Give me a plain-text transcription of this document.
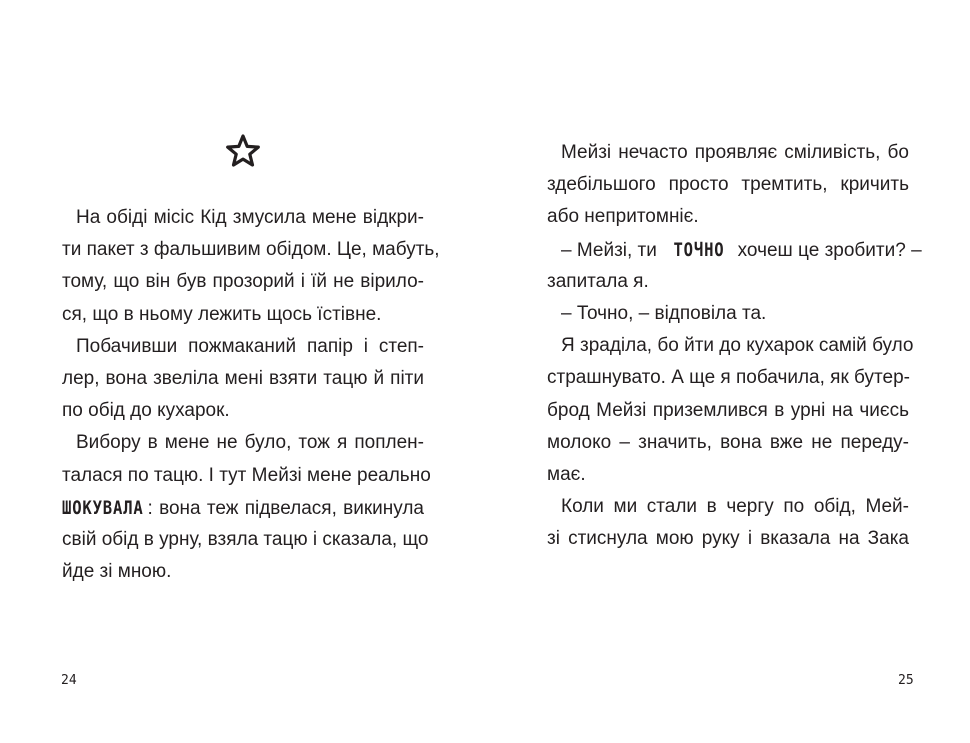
На обіді місіс Кід змусила мене відкри-
ти пакет з фальшивим обідом. Це, мабуть,
тому, що він був прозорий і їй не вірило-
ся, що в ньому лежить щось їстівне.
Побачивши пожмаканий папір і степ-
лер, вона звеліла мені взяти тацю й піти
по обід до кухарок.
Вибору в мене не було, тож я поплен-
талася по тацю. І тут Мейзі мене реально
ШОКУВАЛА : вона теж підвелася, викинула
свій обід в урну, взяла тацю і сказала, що
йде зі мною.
24
Мейзі нечасто проявляє сміливість, бо
здебільшого просто тремтить, кричить
або непритомніє.
– Мейзі, ти ТОЧНО хочеш це зробити? –
запитала я.
– Точно, – відповіла та.
Я зраділа, бо йти до кухарок самій було
страшнувато. А ще я побачила, як бутер-
брод Мейзі приземлився в урні на чиєсь
молоко – значить, вона вже не переду-
має.
Коли ми стали в чергу по обід, Мей-
зі стиснула мою руку і вказала на Зака
25
